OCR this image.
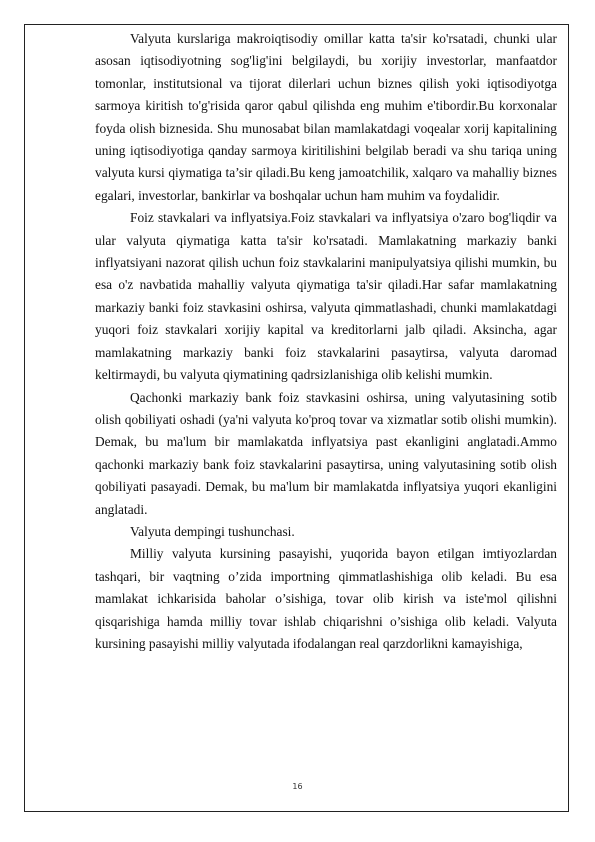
Valyuta kurslariga makroiqtisodiy omillar katta ta'sir ko'rsatadi, chunki ular asosan iqtisodiyotning sog'lig'ini belgilaydi, bu xorijiy investorlar, manfaatdor tomonlar, institutsional va tijorat dilerlari uchun biznes qilish yoki iqtisodiyotga sarmoya kiritish to'g'risida qaror qabul qilishda eng muhim e'tibordir.Bu korxonalar foyda olish biznesida. Shu munosabat bilan mamlakatdagi voqealar xorij kapitalining uning iqtisodiyotiga qanday sarmoya kiritilishini belgilab beradi va shu tariqa uning valyuta kursi qiymatiga ta’sir qiladi.Bu keng jamoatchilik, xalqaro va mahalliy biznes egalari, investorlar, bankirlar va boshqalar uchun ham muhim va foydalidir.

Foiz stavkalari va inflyatsiya.Foiz stavkalari va inflyatsiya o'zaro bog'liqdir va ular valyuta qiymatiga katta ta'sir ko'rsatadi. Mamlakatning markaziy banki inflyatsiyani nazorat qilish uchun foiz stavkalarini manipulyatsiya qilishi mumkin, bu esa o'z navbatida mahalliy valyuta qiymatiga ta'sir qiladi.Har safar mamlakatning markaziy banki foiz stavkasini oshirsa, valyuta qimmatlashadi, chunki mamlakatdagi yuqori foiz stavkalari xorijiy kapital va kreditorlarni jalb qiladi. Aksincha, agar mamlakatning markaziy banki foiz stavkalarini pasaytirsa, valyuta daromad keltirmaydi, bu valyuta qiymatining qadrsizlanishiga olib kelishi mumkin.

Qachonki markaziy bank foiz stavkasini oshirsa, uning valyutasining sotib olish qobiliyati oshadi (ya'ni valyuta ko'proq tovar va xizmatlar sotib olishi mumkin). Demak, bu ma'lum bir mamlakatda inflyatsiya past ekanligini anglatadi.Ammo qachonki markaziy bank foiz stavkalarini pasaytirsa, uning valyutasining sotib olish qobiliyati pasayadi. Demak, bu ma'lum bir mamlakatda inflyatsiya yuqori ekanligini anglatadi.

Valyuta dempingi tushunchasi.

Milliy valyuta kursining pasayishi, yuqorida bayon etilgan imtiyozlardan tashqari, bir vaqtning o’zida importning qimmatlashishiga olib keladi. Bu esa mamlakat ichkarisida baholar o’sishiga, tovar olib kirish va iste'mol qilishni qisqarishiga hamda milliy tovar ishlab chiqarishni o’sishiga olib keladi. Valyuta kursining pasayishi milliy valyutada ifodalangan real qarzdorlikni kamayishiga,

16
